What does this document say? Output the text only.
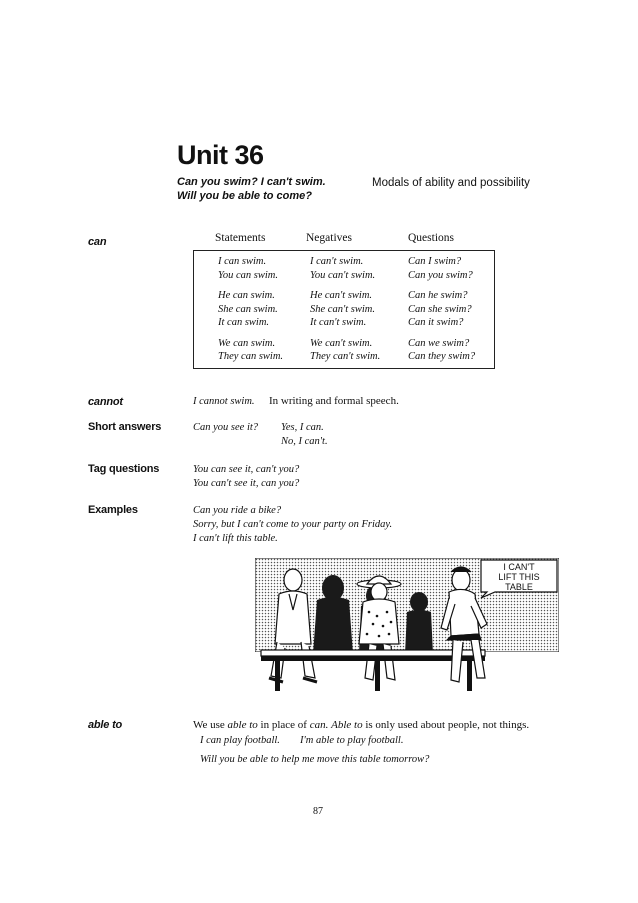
Unit 36
Can you swim? I can't swim.
Will you be able to come?
Modals of ability and possibility
can
cannot
Short answers
Tag questions
Examples
able to
Statements	Negatives	Questions
I can swim.
You can swim.
He can swim.
She can swim.
It can swim.
We can swim.
They can swim.
I can't swim.
You can't swim.
He can't swim.
She can't swim.
It can't swim.
We can't swim.
They can't swim.
Can I swim?
Can you swim?
Can he swim?
Can she swim?
Can it swim?
Can we swim?
Can they swim?
I cannot swim. In writing and formal speech.
Can you see it? Yes, I can.
No, I can't.
You can see it, can't you?
You can't see it, can you?
Can you ride a bike?
Sorry, but I can't come to your party on Friday.
I can't lift this table.
I CAN'T
LIFT THIS
TABLE
We use able to in place of can. Able to is only used about people, not things.
I can play football. I'm able to play football.
Will you be able to help me move this table tomorrow?
87
